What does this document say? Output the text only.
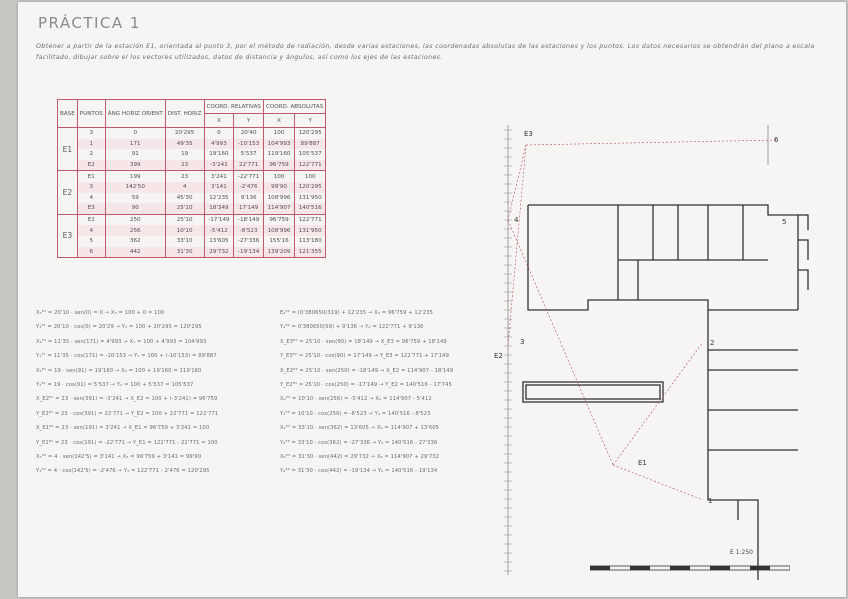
PRÁCTICA 1
Obtener a partir de la estación E1, orientada al punto 3, por el método de radiación, desde varias estaciones, las coordenadas absolutas de las estaciones y los puntos. Los datos necesarios se obtendrán del plano a escala facilitado, dibujar sobre el los vectores utilizados, datos de distancia y ángulos, así como los ejes de las estaciones.
BASE	PUNTOS	ÁNG HORIZ ORIENT	DIST. HORIZ	COORD. RELATIVAS		COORD. ABSOLUTAS	
				X	Y	X	Y
E1	3	0	20'295	0	20'40	100	120'295
	1	171	49'35	4'993	-10'153	104'993	89'887
	2	91	19	19'160	5'537	119'160	105'537
	E2	399	23	-3'241	22'771	96'759	122'771
E2	E1	199	23	3'241	-22'771	100	100
	3	142'50	4	3'141	-2'476	99'90	120'295
	4	59	45'30	12'235	9'136	108'996	131'950
	E3	90	25'10	18'349	17'149	114'907	140'516
E3	E2	250	25'10	-17'149	-18'149	96'759	122'771
	4	256	10'10	-5'412	-8'523	108'996	131'950
	5	362	33'10	13'605	-27'336	155'16	113'180
	6	442	31'30	29'732	-19'134	139'209	121'355
X₃ᴱ¹ = 20'10 · sen(0) = 0 → X₃ = 100 + 0 = 100
Y₃ᴱ¹ = 20'10 · cos(0) = 20'29 → Y₃ = 100 + 20'295 = 120'295
X₁ᴱ¹ = 11'35 · sen(171) = 4'993 → X₁ = 100 + 4'993 = 104'993
Y₁ᴱ¹ = 11'35 · cos(171) = -10'153 → Y₁ = 100 + (-10'153) = 89'887
X₂ᴱ¹ = 19 · sen(91) = 19'160 → X₂ = 100 + 19'160 = 119'160
Y₂ᴱ¹ = 19 · cos(91) = 5'537 → Y₂ = 100 + 5'537 = 105'537
X_E2ᴱ¹ = 23 · sen(391) = -3'241 → X_E2 = 100 + (-3'241) = 96'759
Y_E2ᴱ¹ = 23 · cos(391) = 22'771 → Y_E2 = 100 + 22'771 = 122'771
X_E1ᴱ² = 23 · sen(191) = 3'241 → X_E1 = 96'759 + 3'241 = 100
Y_E1ᴱ² = 23 · cos(191) = -22'771 → Y_E1 = 122'771 - 22'771 = 100
X₃ᴱ² = 4 · sen(142'5) = 3'141 → X₃ = 96'759 + 3'141 = 99'90
Y₃ᴱ² = 4 · cos(142'5) = -2'476 → Y₃ = 122'771 - 2'476 = 120'295
E₃ᴱ¹ = (0'380650(319) + 12'235 → X₄ = 96'759 + 12'235
Y₄ᴱ² = 0'380650(59) + 9'136 → Y₄ = 122'771 + 9'136
X_E3ᴱ² = 25'10 · sen(90) = 18'149 → X_E3 = 96'759 + 18'149
Y_E3ᴱ² = 25'10 · cos(90) = 17'149 → Y_E3 = 122'771 + 17'149
X_E2ᴱ³ = 25'10 · sen(250) = -18'149 → X_E2 = 114'907 - 18'149
Y_E2ᴱ³ = 25'10 · cos(250) = -17'149 → Y_E2 = 140'516 - 17'745
X₄ᴱ³ = 10'10 · sen(256) = -5'412 → X₄ = 114'907 - 5'412
Y₄ᴱ³ = 10'10 · cos(256) = -8'523 → Y₄ = 140'516 - 8'523
X₅ᴱ³ = 33'10 · sen(362) = 13'605 → X₅ = 114'907 + 13'605
Y₅ᴱ³ = 33'10 · cos(362) = -27'336 → Y₅ = 140'516 - 27'336
X₆ᴱ³ = 31'30 · sen(442) = 29'732 → X₆ = 114'907 + 29'732
Y₆ᴱ³ = 31'30 · cos(442) = -19'134 → Y₆ = 140'516 - 19'134
E3
E2
E1
1
2
3
4	5
6
E 1:250
